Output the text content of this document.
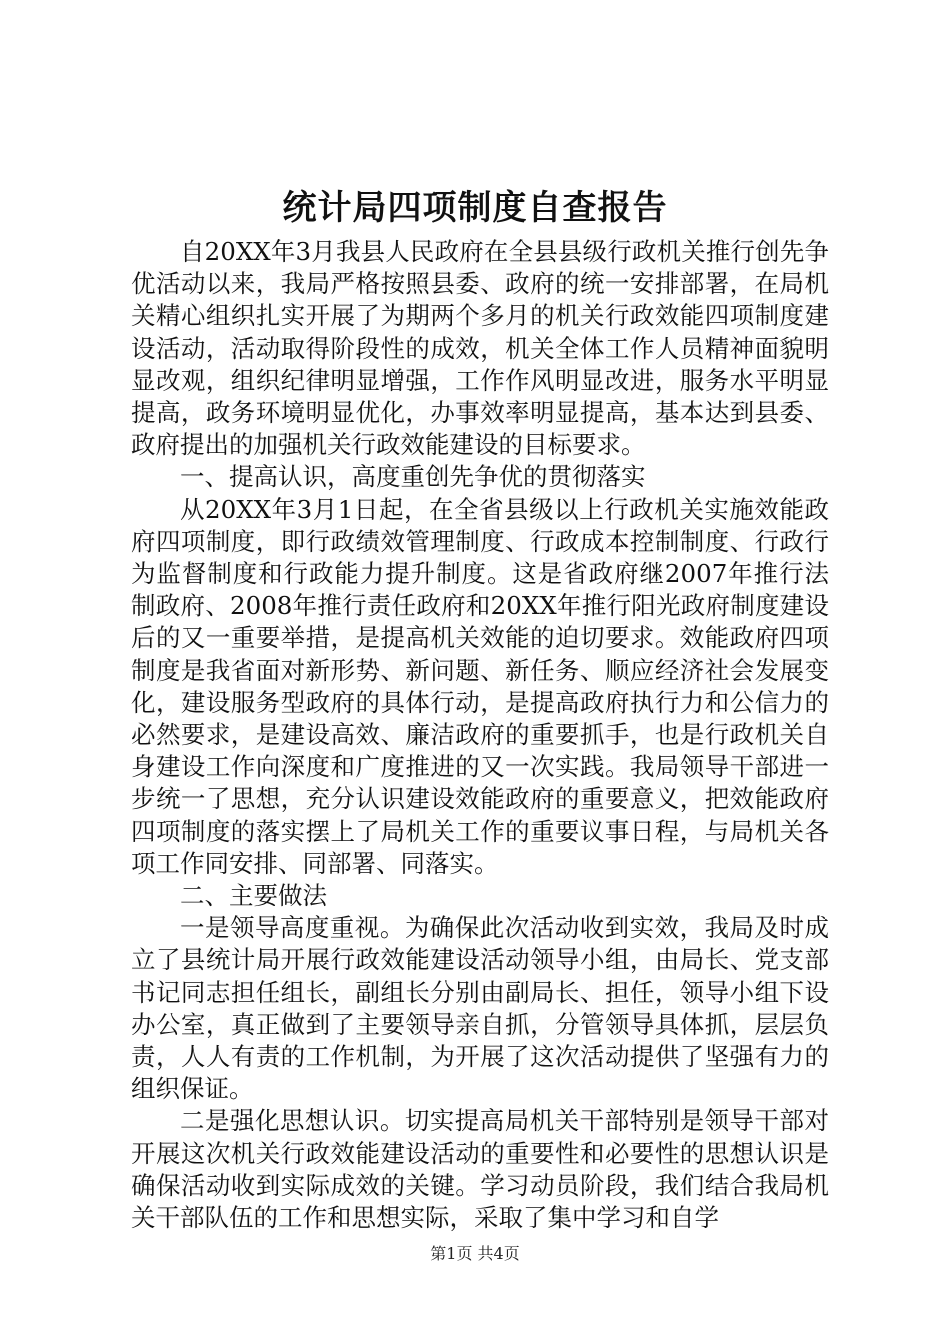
统计局四项制度自查报告

自20XX年3月我县人民政府在全县县级行政机关推行创先争优活动以来，我局严格按照县委、政府的统一安排部署，在局机关精心组织扎实开展了为期两个多月的机关行政效能四项制度建设活动，活动取得阶段性的成效，机关全体工作人员精神面貌明显改观，组织纪律明显增强，工作作风明显改进，服务水平明显提高，政务环境明显优化，办事效率明显提高，基本达到县委、政府提出的加强机关行政效能建设的目标要求。

一、提高认识，高度重创先争优的贯彻落实

从20XX年3月1日起，在全省县级以上行政机关实施效能政府四项制度，即行政绩效管理制度、行政成本控制制度、行政行为监督制度和行政能力提升制度。这是省政府继2007年推行法制政府、2008年推行责任政府和20XX年推行阳光政府制度建设后的又一重要举措，是提高机关效能的迫切要求。效能政府四项制度是我省面对新形势、新问题、新任务、顺应经济社会发展变化，建设服务型政府的具体行动，是提高政府执行力和公信力的必然要求，是建设高效、廉洁政府的重要抓手，也是行政机关自身建设工作向深度和广度推进的又一次实践。我局领导干部进一步统一了思想，充分认识建设效能政府的重要意义，把效能政府四项制度的落实摆上了局机关工作的重要议事日程，与局机关各项工作同安排、同部署、同落实。

二、主要做法

一是领导高度重视。为确保此次活动收到实效，我局及时成立了县统计局开展行政效能建设活动领导小组，由局长、党支部书记同志担任组长，副组长分别由副局长、担任，领导小组下设办公室，真正做到了主要领导亲自抓，分管领导具体抓，层层负责，人人有责的工作机制，为开展了这次活动提供了坚强有力的组织保证。

二是强化思想认识。切实提高局机关干部特别是领导干部对开展这次机关行政效能建设活动的重要性和必要性的思想认识是确保活动收到实际成效的关键。学习动员阶段，我们结合我局机关干部队伍的工作和思想实际，采取了集中学习和自学

第1页 共4页
